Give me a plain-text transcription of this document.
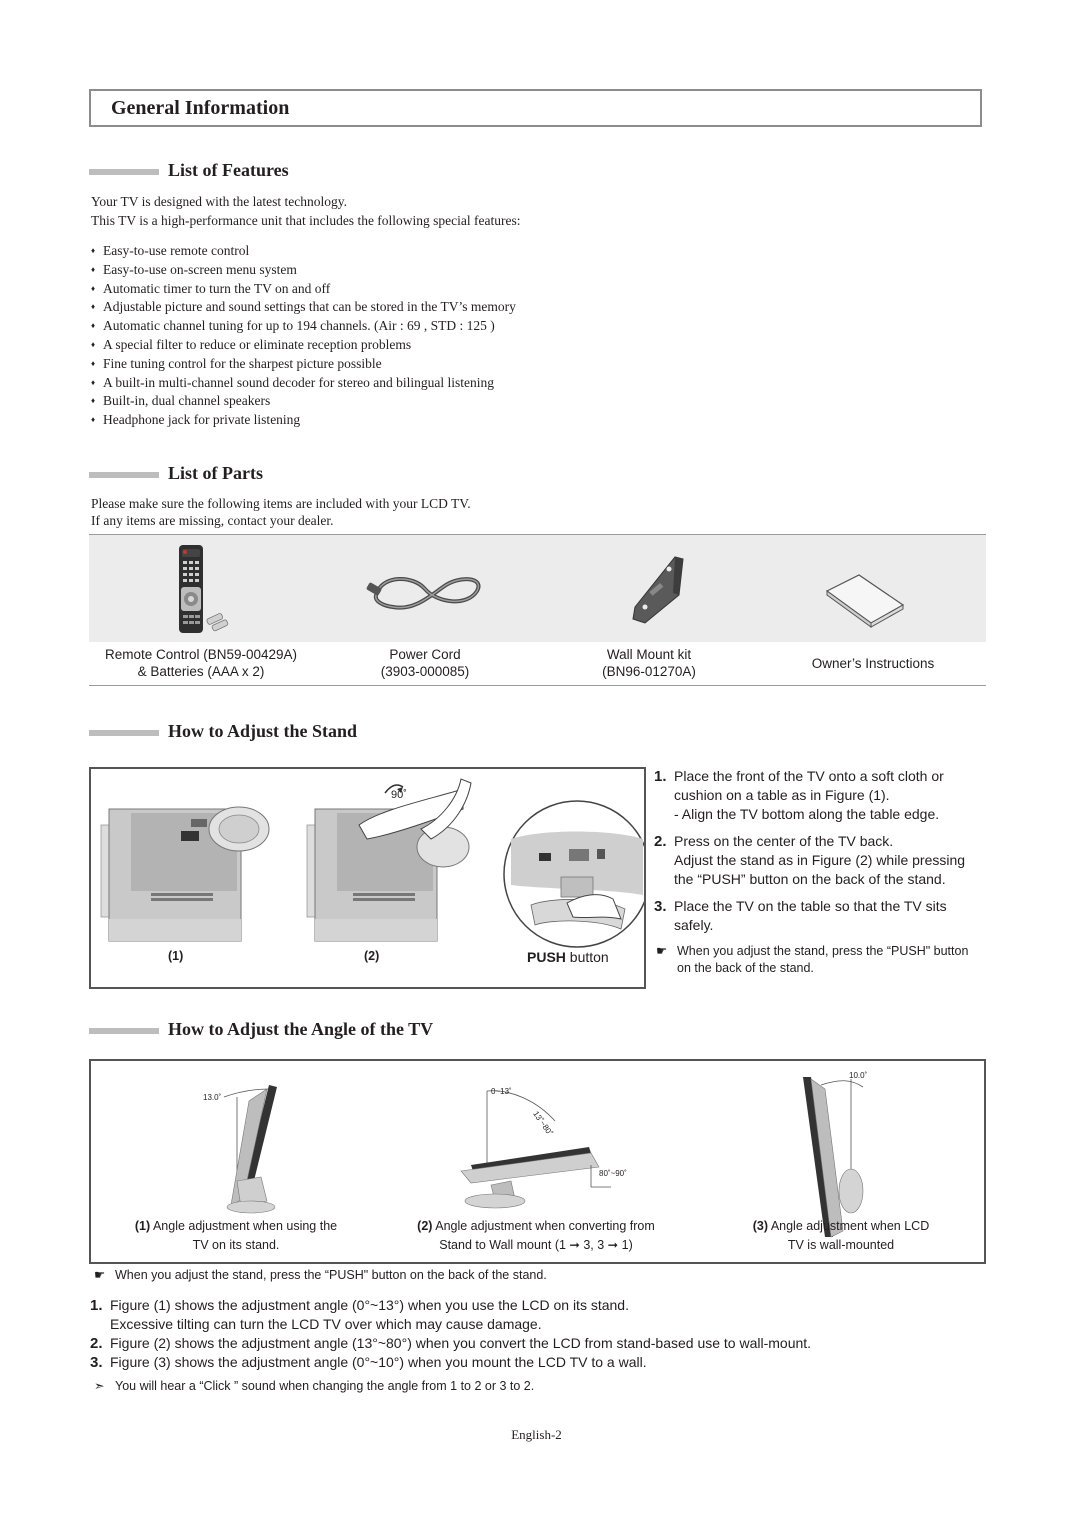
General Information
List of Features
Your TV is designed with the latest technology.
This TV is a high-performance unit that includes the following special features:
♦ Easy-to-use remote control
♦ Easy-to-use on-screen menu system
♦ Automatic timer to turn the TV on and off
♦ Adjustable picture and sound settings that can be stored in the TV’s memory
♦ Automatic channel tuning for up to 194 channels. (Air : 69 , STD : 125 )
♦ A special filter to reduce or eliminate reception problems
♦ Fine tuning control for the sharpest picture possible
♦ A built-in multi-channel sound decoder for stereo and bilingual listening
♦ Built-in, dual channel speakers
♦ Headphone jack for private listening
List of Parts
Please make sure the following items are included with your LCD TV.
If any items are missing, contact your dealer.
Remote Control (BN59-00429A)
& Batteries (AAA x 2)
Power Cord
(3903-000085)
Wall Mount kit
(BN96-01270A)
Owner’s Instructions
How to Adjust the Stand
90˚
(1)	(2)	PUSH button
1. Place the front of the TV onto a soft cloth or
cushion on a table as in Figure (1).
- Align the TV bottom along the table edge.
2. Press on the center of the TV back.
Adjust the stand as in Figure (2) while pressing
the “PUSH” button on the back of the stand.
3. Place the TV on the table so that the TV sits
safely.
☛ When you adjust the stand, press the “PUSH" button
on the back of the stand.
How to Adjust the Angle of the TV
13.0˚
0~13˚
13˚~80˚
80˚~90˚
10.0˚
(1) Angle adjustment when using the
TV on its stand.
(2) Angle adjustment when converting from
Stand to Wall mount (1 ➞ 3, 3 ➞ 1)
(3) Angle adjustment when LCD
TV is wall-mounted
☛ When you adjust the stand, press the “PUSH" button on the back of the stand.
1. Figure (1) shows the adjustment angle (0°~13°) when you use the LCD on its stand.
Excessive tilting can turn the LCD TV over which may cause damage.
2. Figure (2) shows the adjustment angle (13°~80°) when you convert the LCD from stand-based use to wall-mount.
3. Figure (3) shows the adjustment angle (0°~10°) when you mount the LCD TV to a wall.
➣ You will hear a “Click ” sound when changing the angle from 1 to 2 or 3 to 2.
English-2
